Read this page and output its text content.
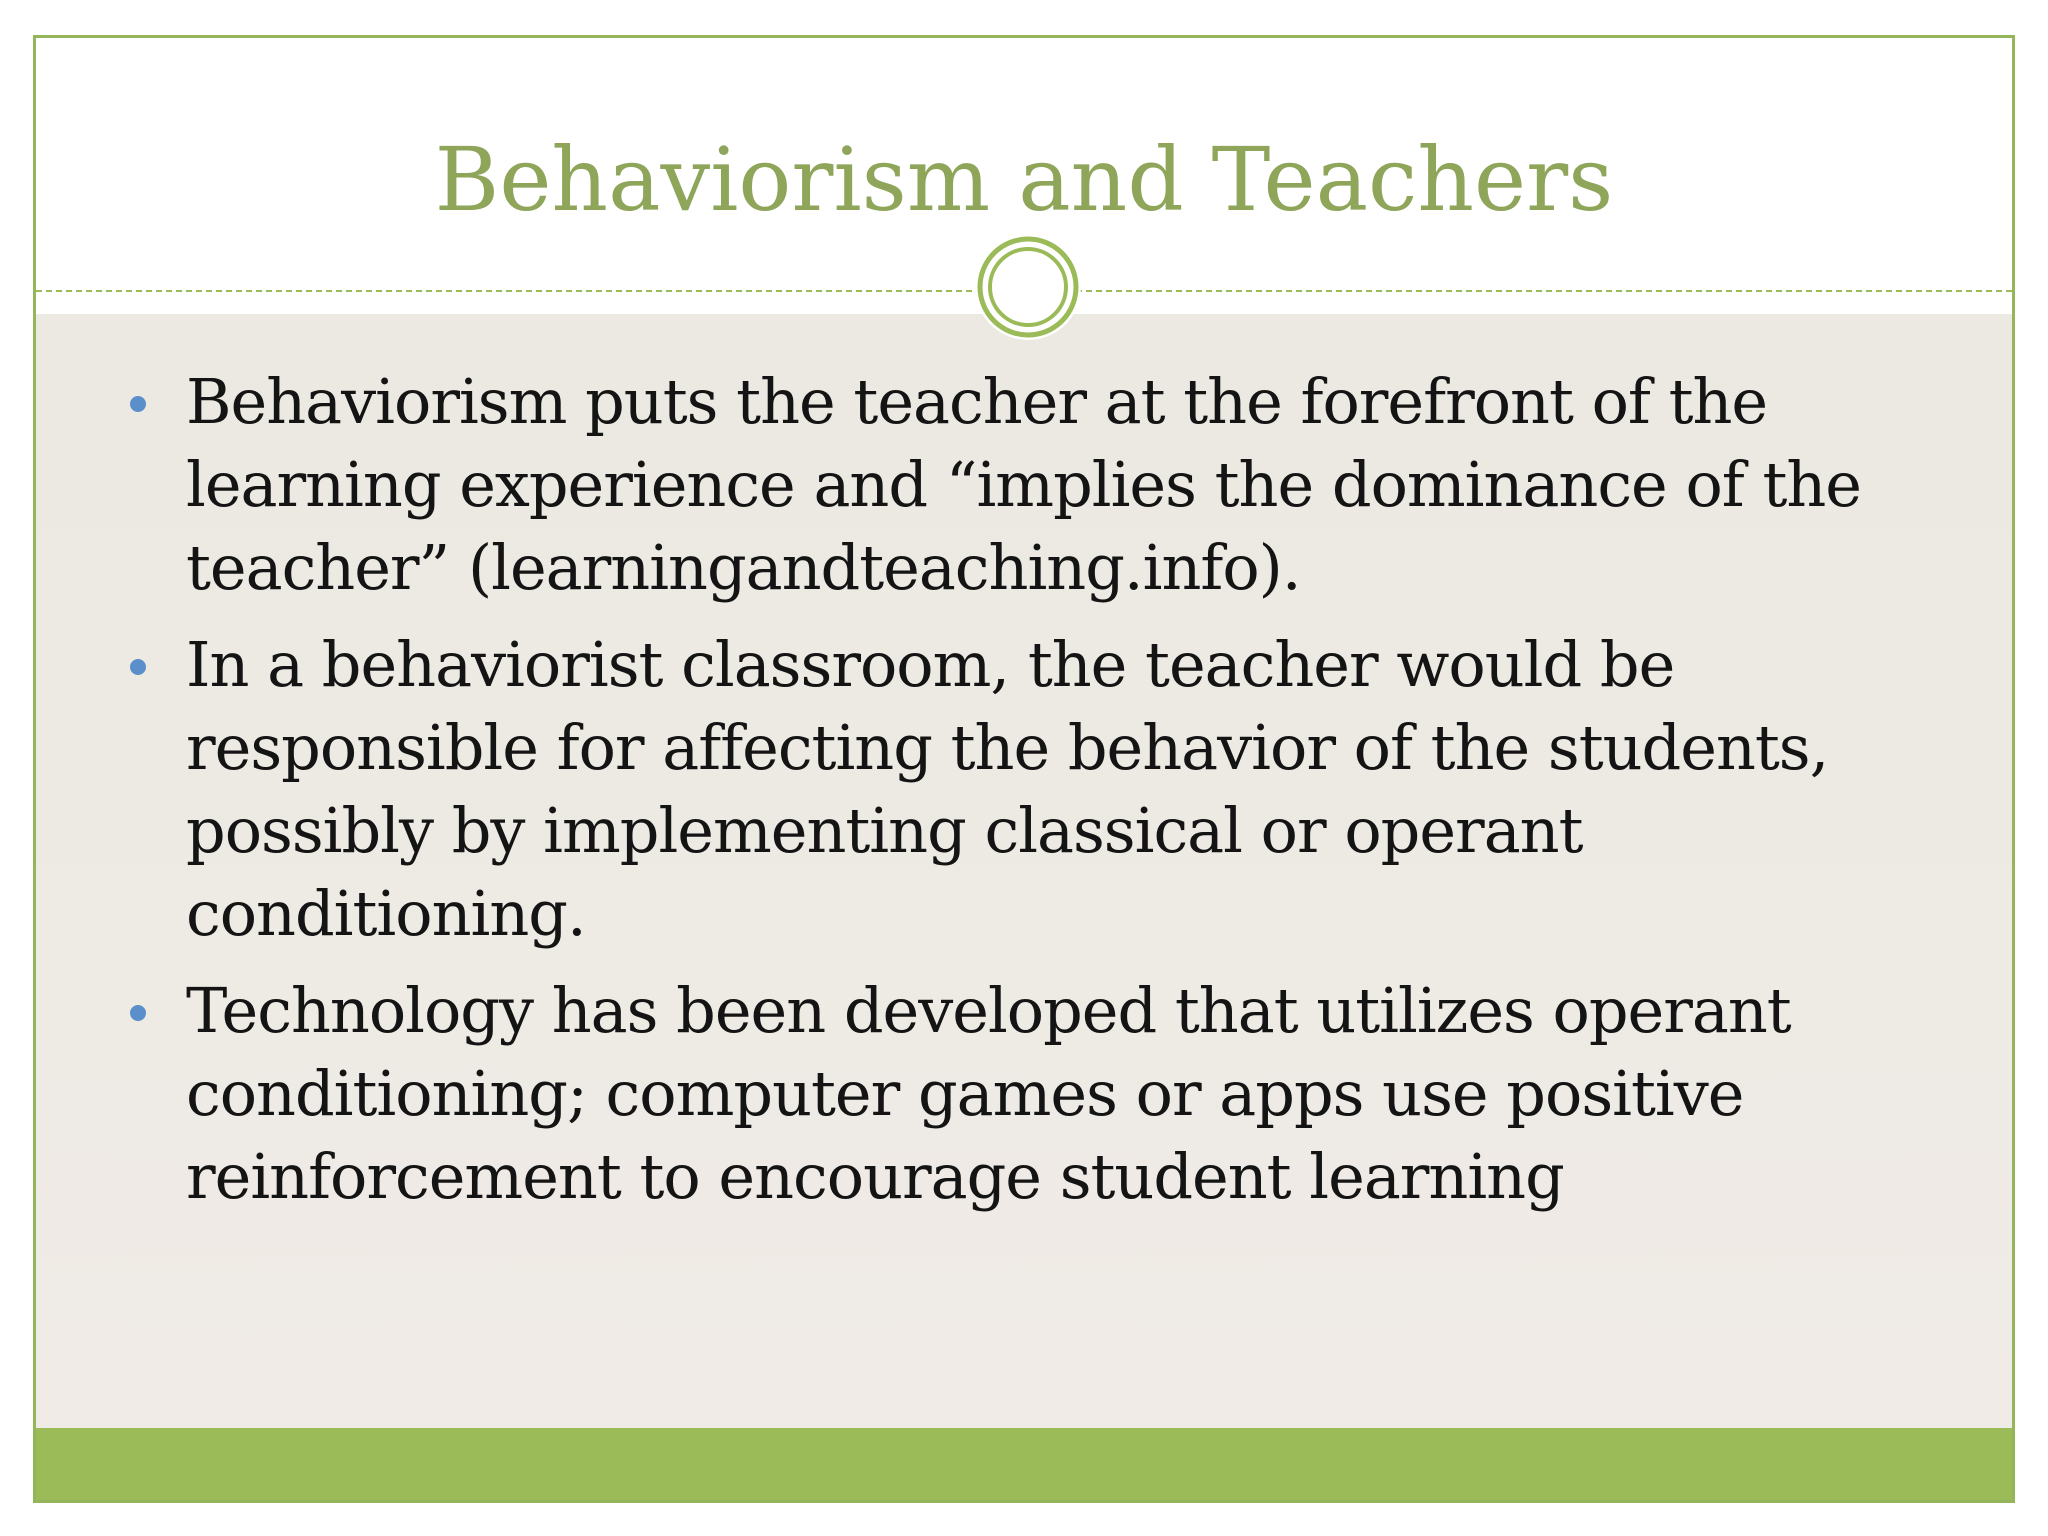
Behaviorism and Teachers
Behaviorism puts the teacher at the forefront of the learning experience and “implies the dominance of the teacher” (learningandteaching.info).
In a behaviorist classroom, the teacher would be responsible for affecting the behavior of the students, possibly by implementing classical or operant conditioning.
Technology has been developed that utilizes operant conditioning; computer games or apps use positive reinforcement to encourage student learning
